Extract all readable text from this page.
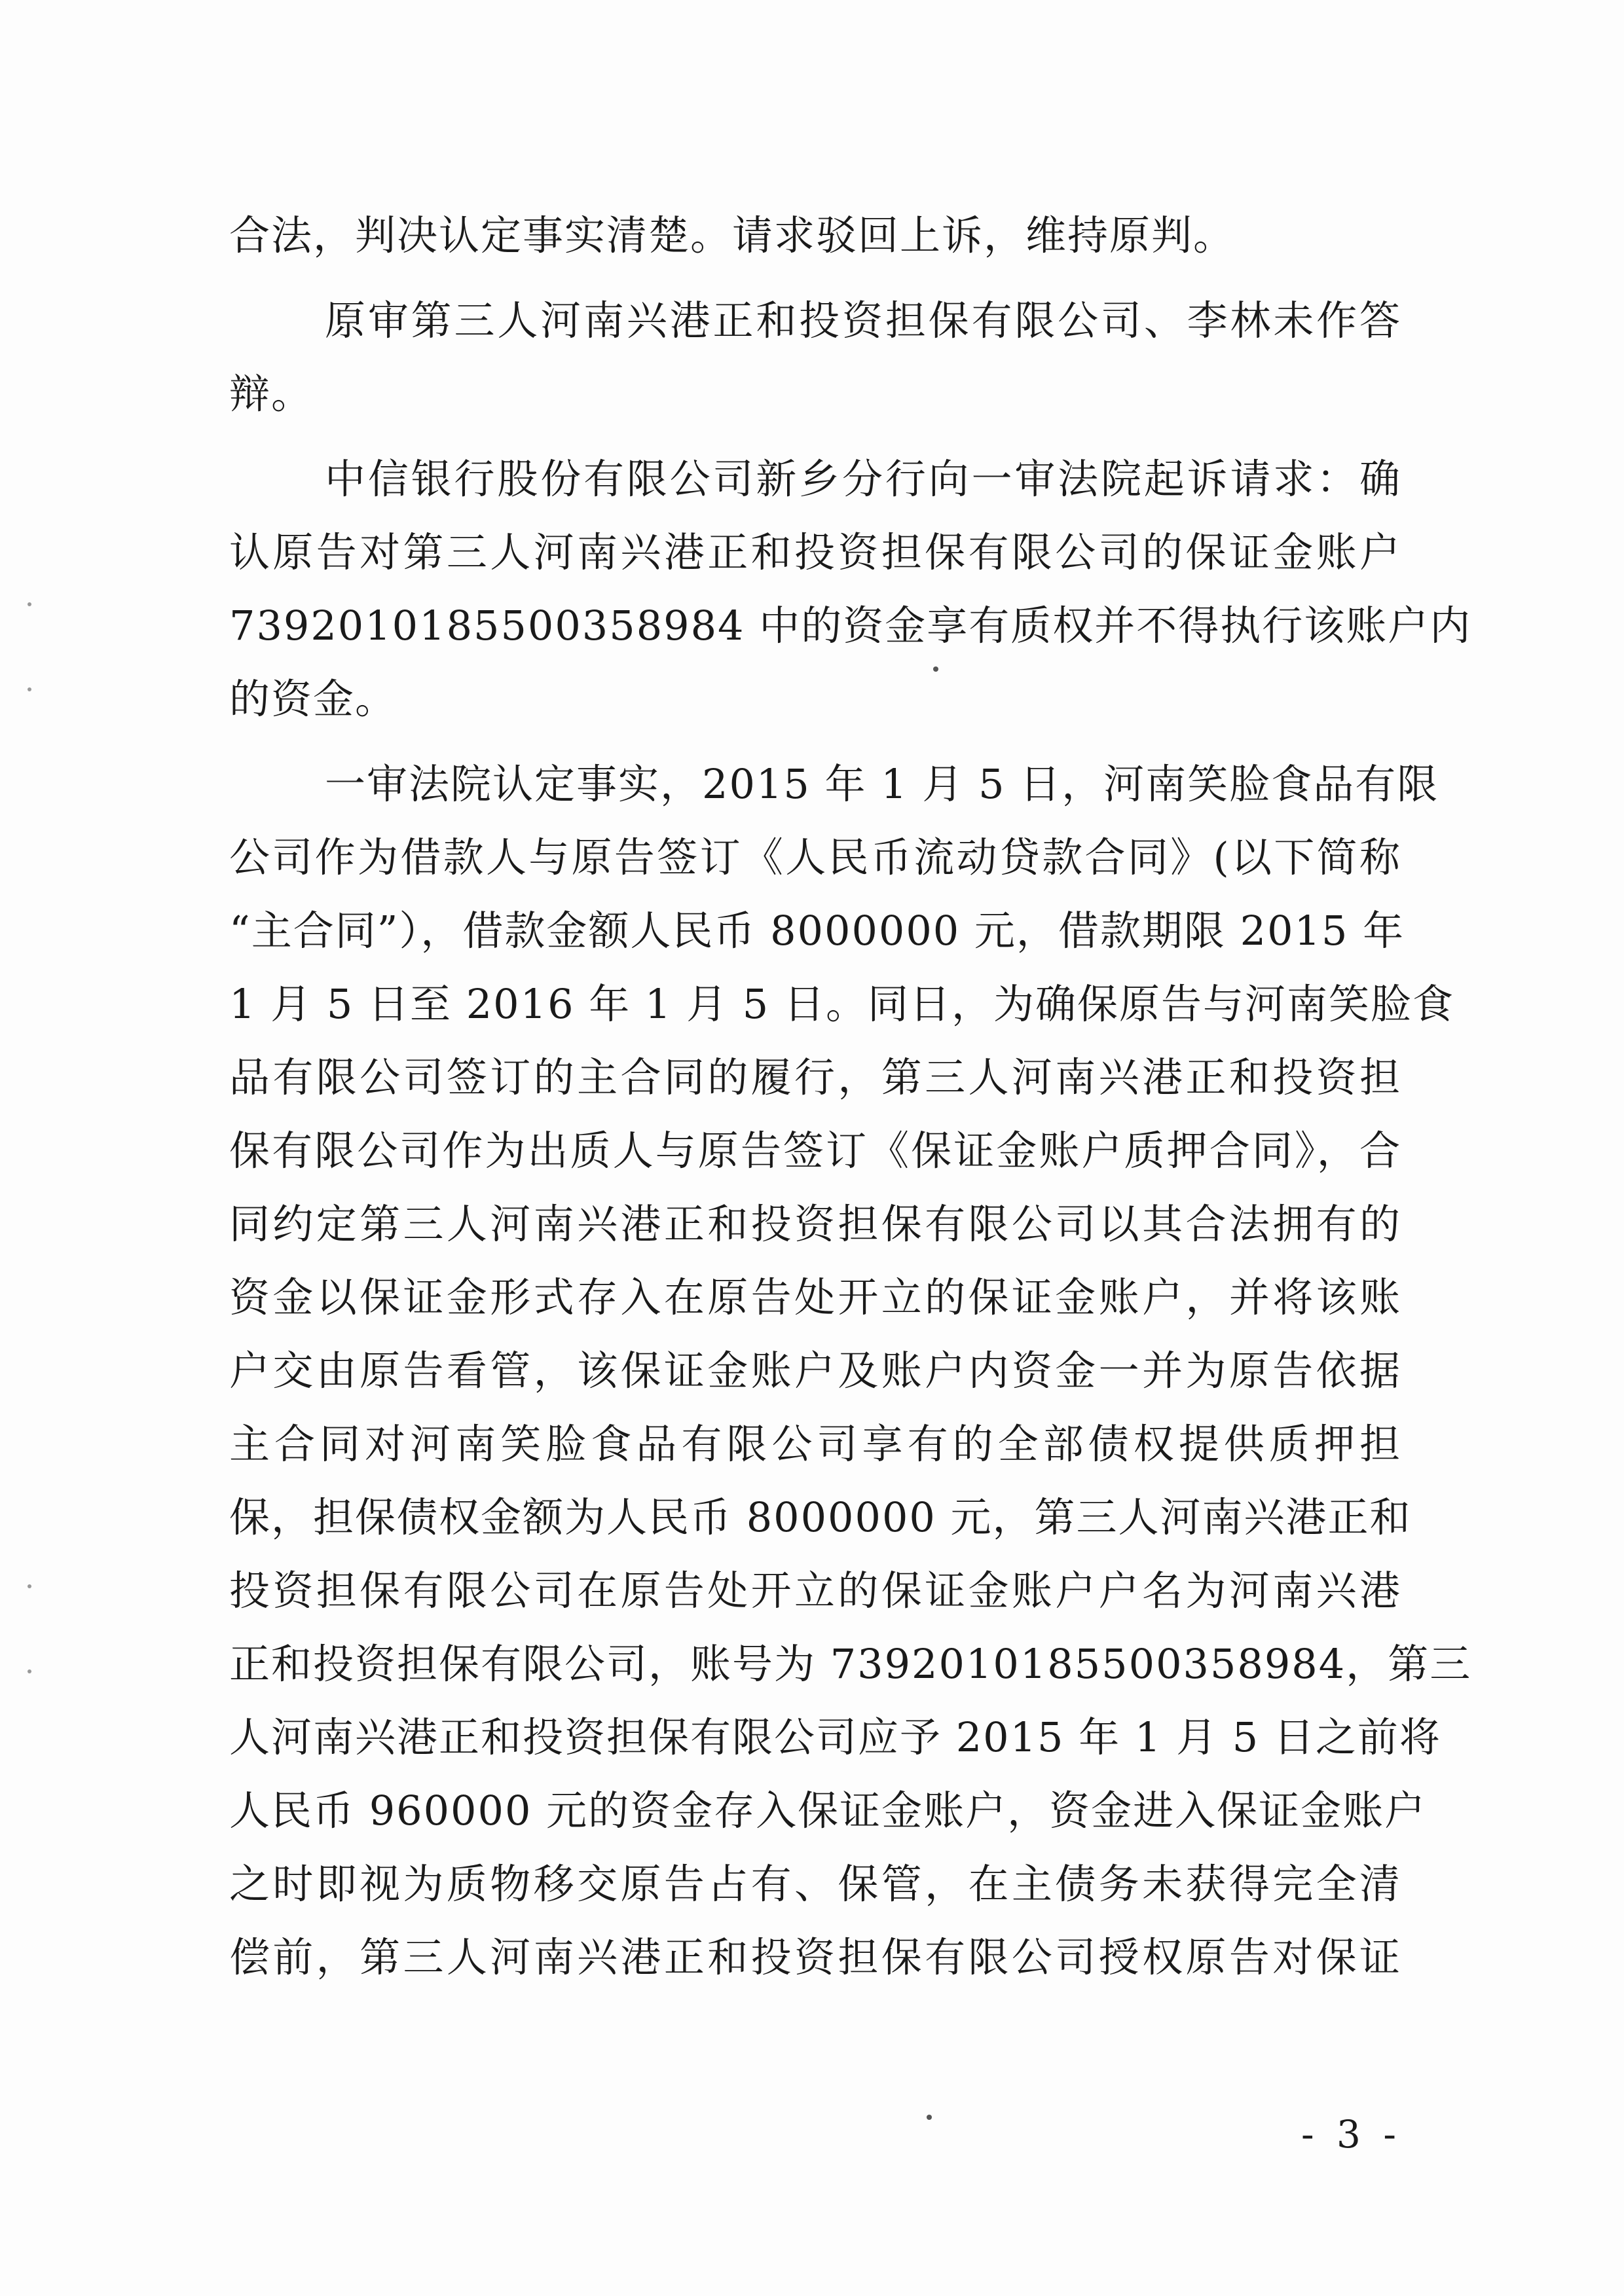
合法，判决认定事实清楚。请求驳回上诉，维持原判。
原审第三人河南兴港正和投资担保有限公司、李林未作答
辩。
中信银行股份有限公司新乡分行向一审法院起诉请求：确
认原告对第三人河南兴港正和投资担保有限公司的保证金账户
7392010185500358984 中的资金享有质权并不得执行该账户内
的资金。
一审法院认定事实，2015 年 1 月 5 日，河南笑脸食品有限
公司作为借款人与原告签订《人民币流动贷款合同》(以下简称
“主合同”），借款金额人民币 8000000 元，借款期限 2015 年
1 月 5 日至 2016 年 1 月 5 日。同日，为确保原告与河南笑脸食
品有限公司签订的主合同的履行，第三人河南兴港正和投资担
保有限公司作为出质人与原告签订《保证金账户质押合同》，合
同约定第三人河南兴港正和投资担保有限公司以其合法拥有的
资金以保证金形式存入在原告处开立的保证金账户，并将该账
户交由原告看管，该保证金账户及账户内资金一并为原告依据
主合同对河南笑脸食品有限公司享有的全部债权提供质押担
保，担保债权金额为人民币 8000000 元，第三人河南兴港正和
投资担保有限公司在原告处开立的保证金账户户名为河南兴港
正和投资担保有限公司，账号为 7392010185500358984，第三
人河南兴港正和投资担保有限公司应予 2015 年 1 月 5 日之前将
人民币 960000 元的资金存入保证金账户，资金进入保证金账户
之时即视为质物移交原告占有、保管，在主债务未获得完全清
偿前，第三人河南兴港正和投资担保有限公司授权原告对保证
- 3 -
